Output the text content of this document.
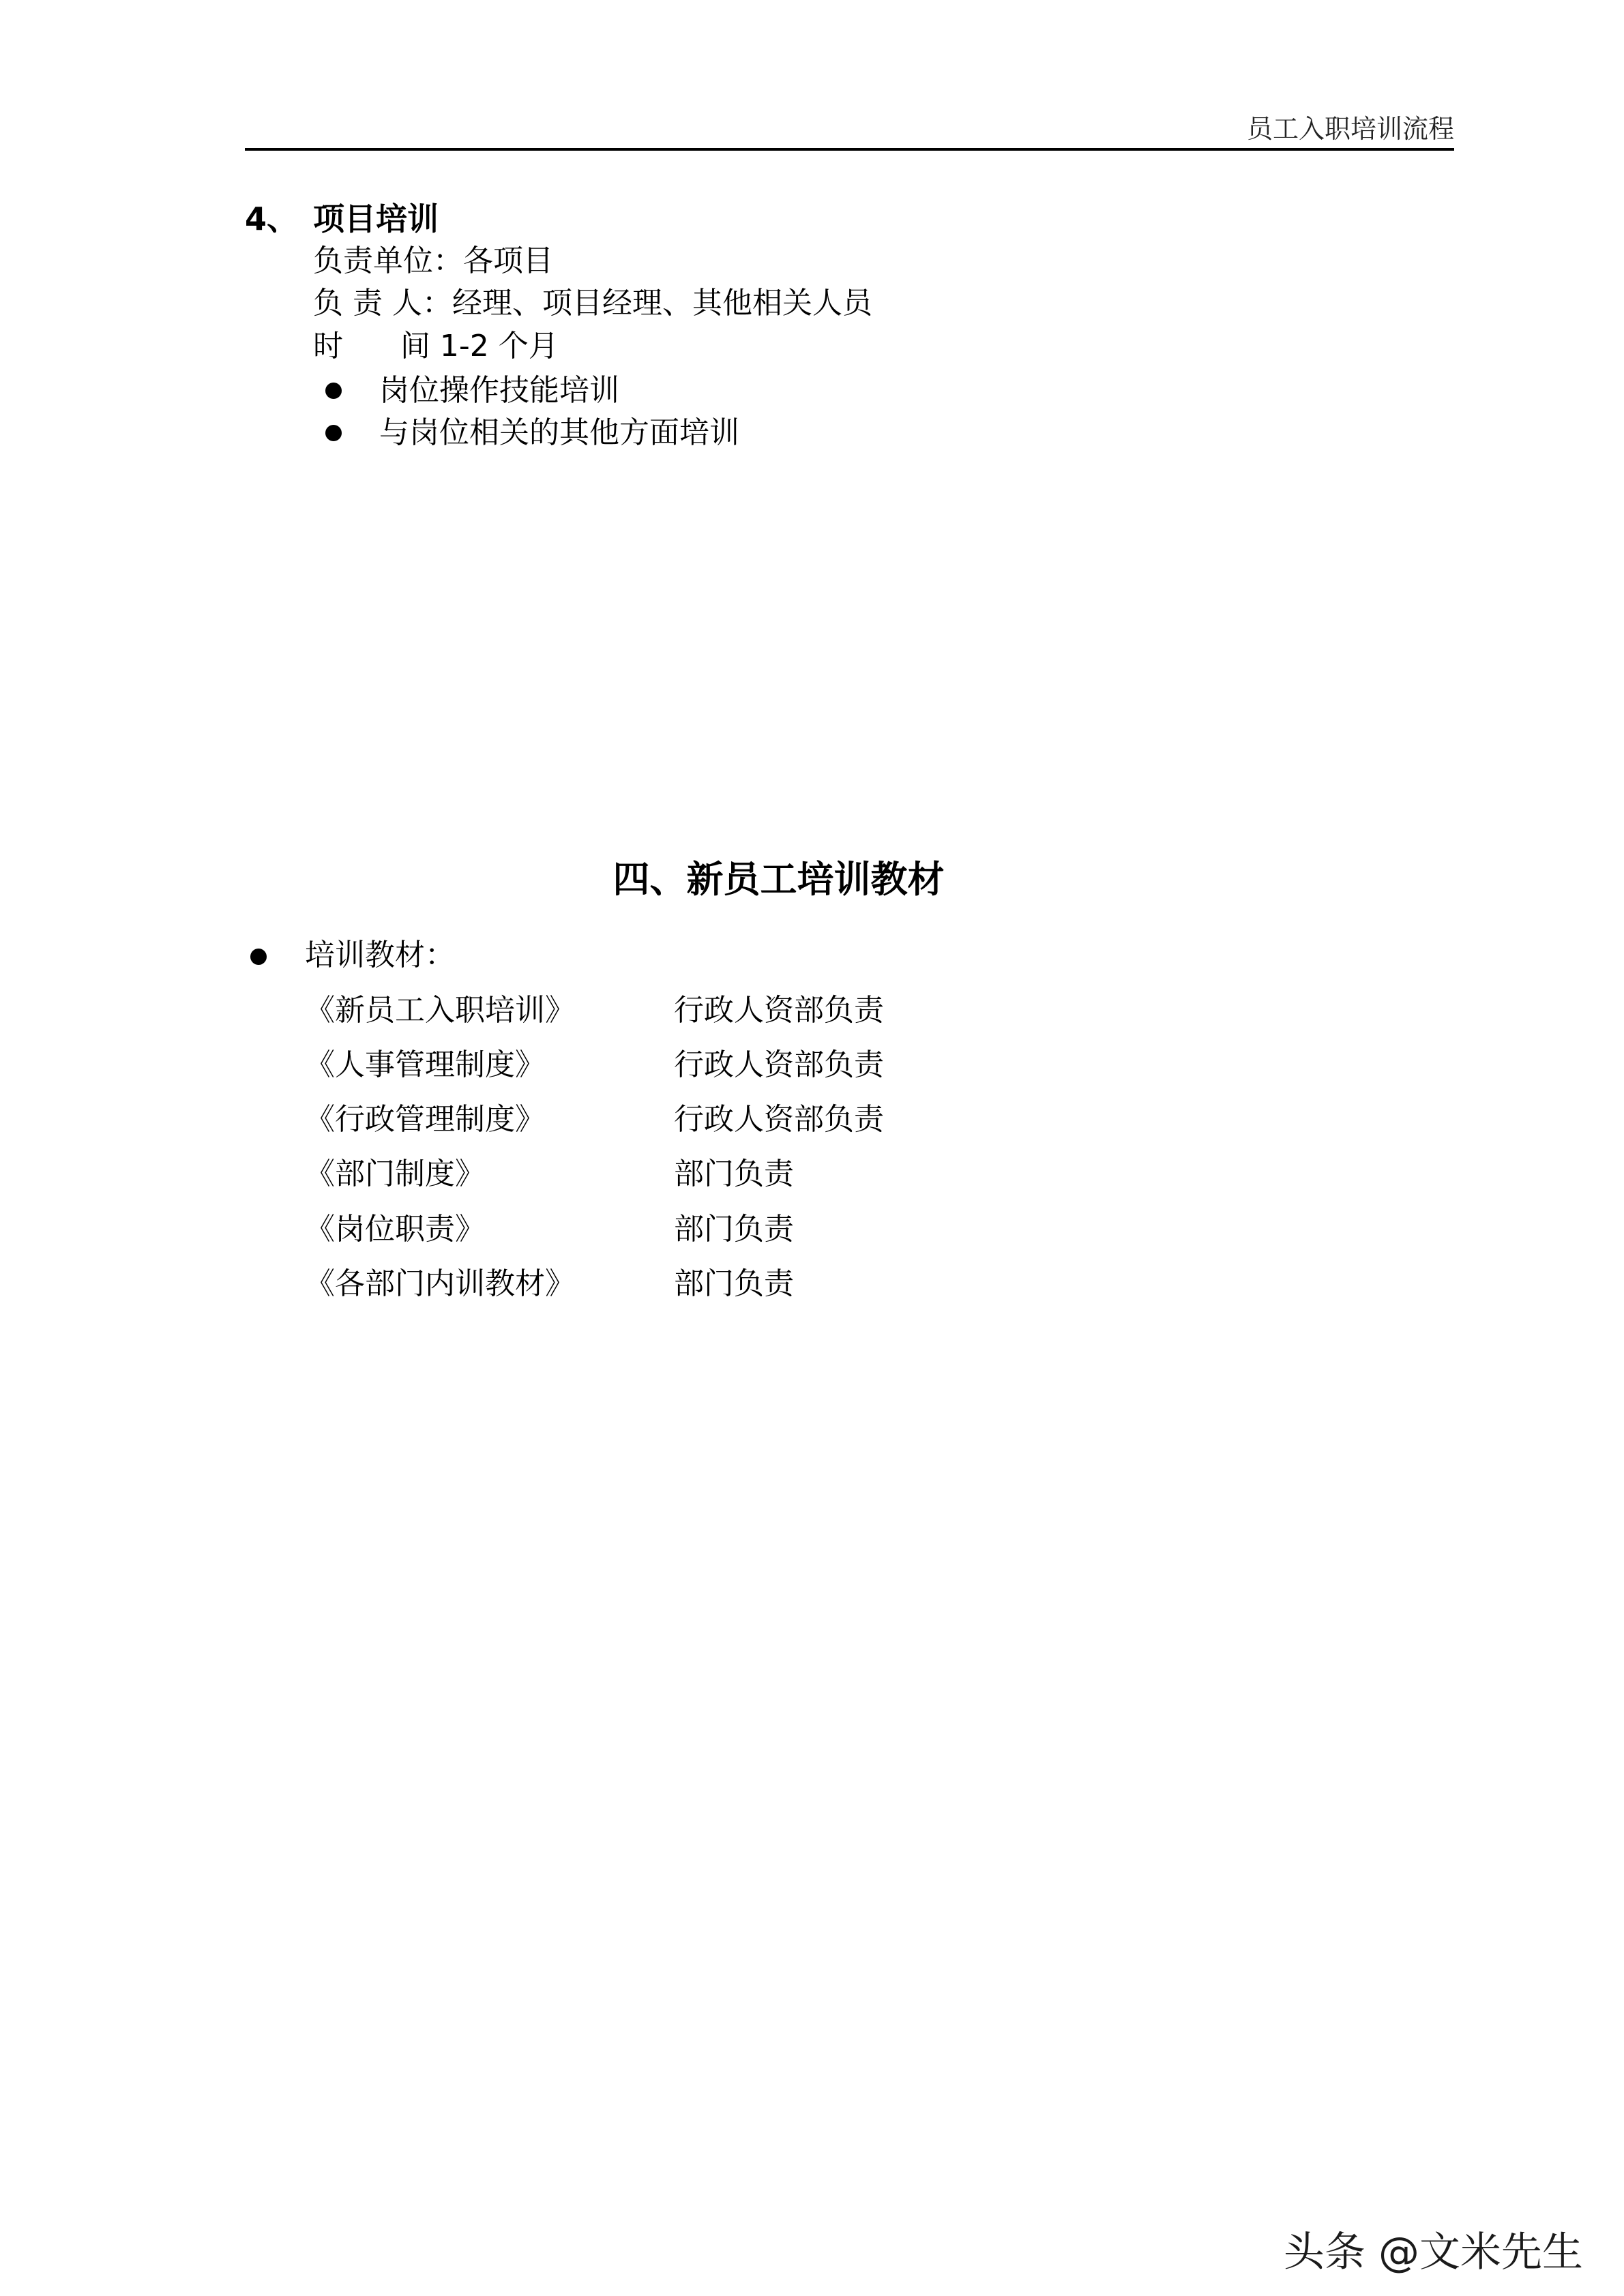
员工入职培训流程
4、 项目培训
负责单位：各项目
负 责 人：经理、项目经理、其他相关人员
时      间 1-2 个月
岗位操作技能培训
与岗位相关的其他方面培训
四、新员工培训教材
培训教材：
《新员工入职培训》	行政人资部负责
《人事管理制度》	行政人资部负责
《行政管理制度》	行政人资部负责
《部门制度》	部门负责
《岗位职责》	部门负责
《各部门内训教材》	部门负责
头条 @文米先生
